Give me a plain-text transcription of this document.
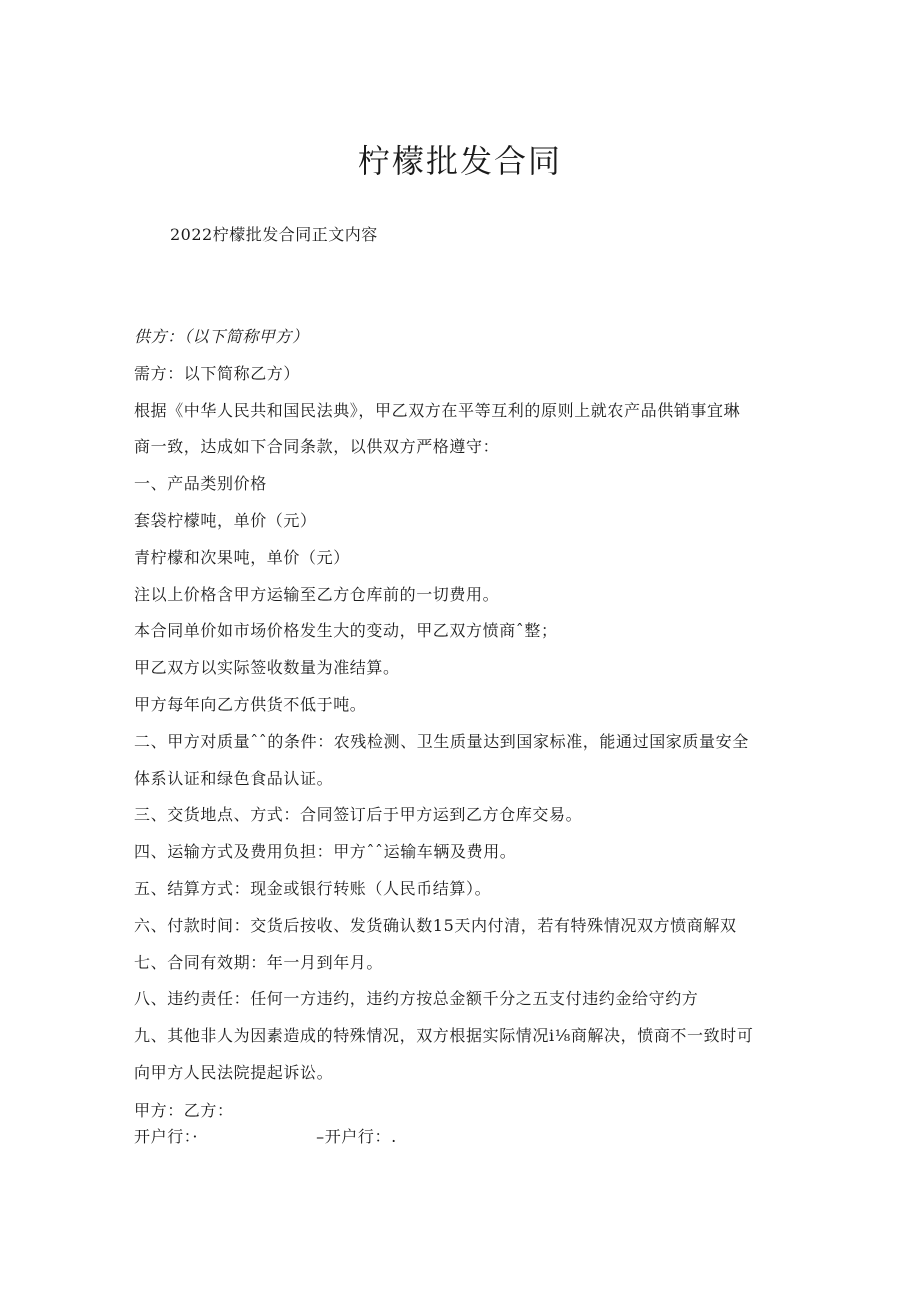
柠檬批发合同

2022柠檬批发合同正文内容

供方：（以下简称甲方）
需方：以下简称乙方）
根据《中华人民共和国民法典》，甲乙双方在平等互利的原则上就农产品供销事宜琳
商一致，达成如下合同条款，以供双方严格遵守：
一、产品类别价格
套袋柠檬吨，单价（元）
青柠檬和次果吨，单价（元）
注以上价格含甲方运输至乙方仓库前的一切费用。
本合同单价如市场价格发生大的变动，甲乙双方愤商ˆ整；
甲乙双方以实际签收数量为准结算。
甲方每年向乙方供货不低于吨。
二、甲方对质量ˆˆ的条件：农残检测、卫生质量达到国家标准，能通过国家质量安全
体系认证和绿色食品认证。
三、交货地点、方式：合同签订后于甲方运到乙方仓库交易。
四、运输方式及费用负担：甲方ˆˆ运输车辆及费用。
五、结算方式：现金或银行转账（人民币结算）。
六、付款时间：交货后按收、发货确认数15天内付清，若有特殊情况双方愤商解双
七、合同有效期：年一月到年月。
八、违约责任：任何一方违约，违约方按总金额千分之五支付违约金给守约方
九、其他非人为因素造成的特殊情况，双方根据实际情况i⅛商解决，愤商不一致时可
向甲方人民法院提起诉讼。
甲方：乙方：
开户行：·	–开户行：.
